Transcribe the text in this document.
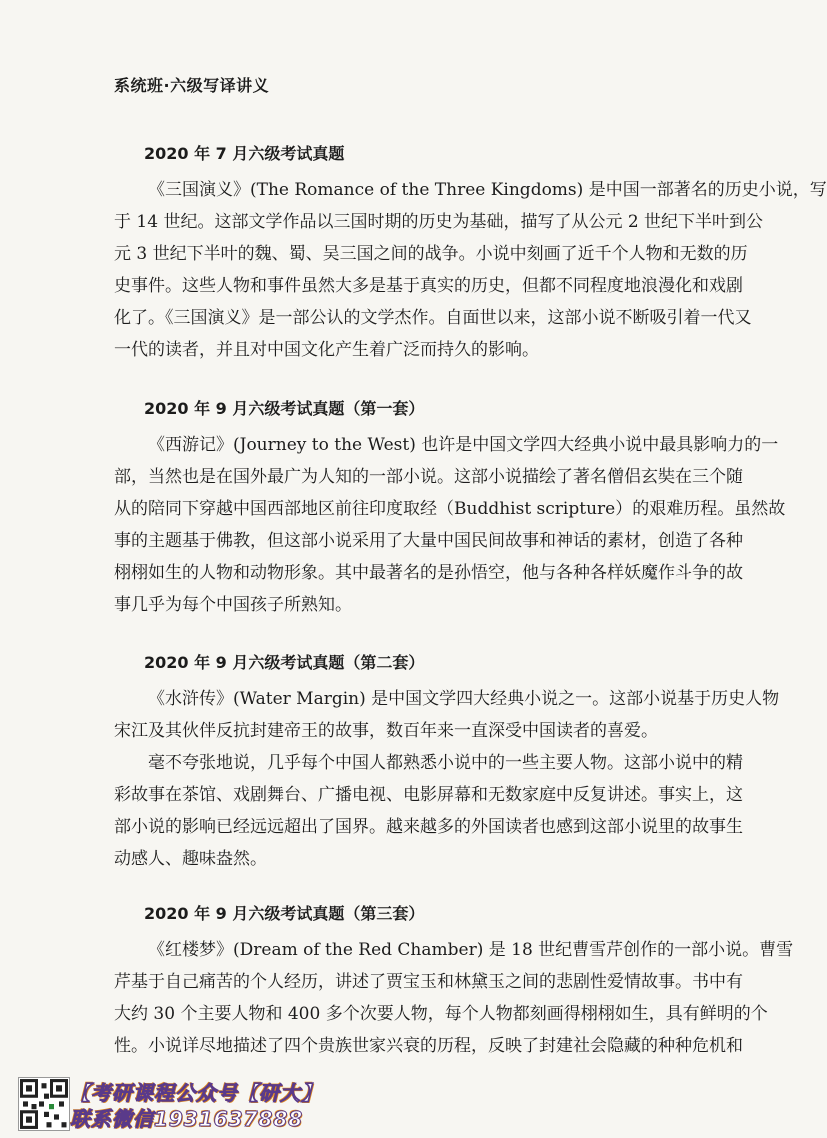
系统班·六级写译讲义
2020 年 7 月六级考试真题
《三国演义》(The Romance of the Three Kingdoms) 是中国一部著名的历史小说，写
于 14 世纪。这部文学作品以三国时期的历史为基础，描写了从公元 2 世纪下半叶到公
元 3 世纪下半叶的魏、蜀、吴三国之间的战争。小说中刻画了近千个人物和无数的历
史事件。这些人物和事件虽然大多是基于真实的历史，但都不同程度地浪漫化和戏剧
化了。《三国演义》是一部公认的文学杰作。自面世以来，这部小说不断吸引着一代又
一代的读者，并且对中国文化产生着广泛而持久的影响。
2020 年 9 月六级考试真题（第一套）
《西游记》(Journey to the West) 也许是中国文学四大经典小说中最具影响力的一
部，当然也是在国外最广为人知的一部小说。这部小说描绘了著名僧侣玄奘在三个随
从的陪同下穿越中国西部地区前往印度取经（Buddhist scripture）的艰难历程。虽然故
事的主题基于佛教，但这部小说采用了大量中国民间故事和神话的素材，创造了各种
栩栩如生的人物和动物形象。其中最著名的是孙悟空，他与各种各样妖魔作斗争的故
事几乎为每个中国孩子所熟知。
2020 年 9 月六级考试真题（第二套）
《水浒传》(Water Margin) 是中国文学四大经典小说之一。这部小说基于历史人物
宋江及其伙伴反抗封建帝王的故事，数百年来一直深受中国读者的喜爱。
毫不夸张地说，几乎每个中国人都熟悉小说中的一些主要人物。这部小说中的精
彩故事在茶馆、戏剧舞台、广播电视、电影屏幕和无数家庭中反复讲述。事实上，这
部小说的影响已经远远超出了国界。越来越多的外国读者也感到这部小说里的故事生
动感人、趣味盎然。
2020 年 9 月六级考试真题（第三套）
《红楼梦》(Dream of the Red Chamber) 是 18 世纪曹雪芹创作的一部小说。曹雪
芹基于自己痛苦的个人经历，讲述了贾宝玉和林黛玉之间的悲剧性爱情故事。书中有
大约 30 个主要人物和 400 多个次要人物，每个人物都刻画得栩栩如生，具有鲜明的个
性。小说详尽地描述了四个贵族世家兴衰的历程，反映了封建社会隐藏的种种危机和
【考研课程公众号【研大】
联系微信1931637888
